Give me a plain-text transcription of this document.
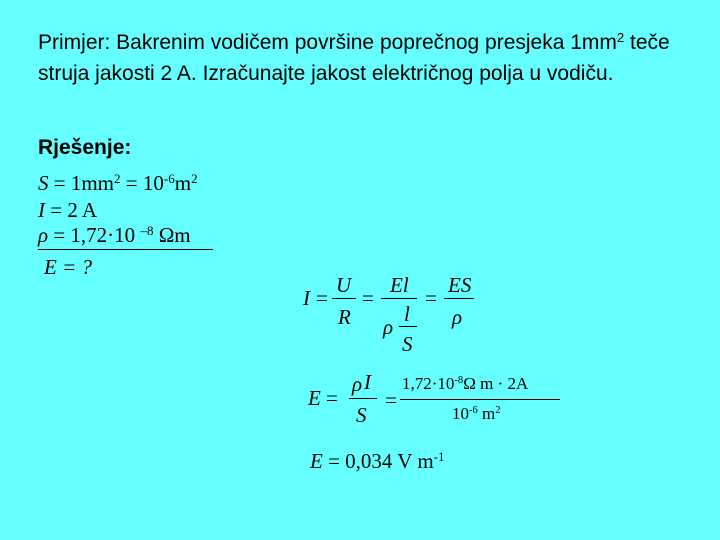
Primjer: Bakrenim vodičem površine poprečnog presjeka $1mm^2$ teče struja jakosti 2 A. Izračunajte jakost električnog polja u vodiču.
Rješenje:
$S = 1mm^2 = 10^{-6}m^2$
I = 2 A
ρ = 1,72·10 $^{-8}$ Ωm
E = ?
I =
U
R
=
El
ρ
l
S
=
ES
ρ
E =
ρ I
S
=
$1,72\cdot 10^{-8}\Omega$ m · 2A
$10^{-6}$ $m^2$
E = 0,034 V $m^{-1}$
